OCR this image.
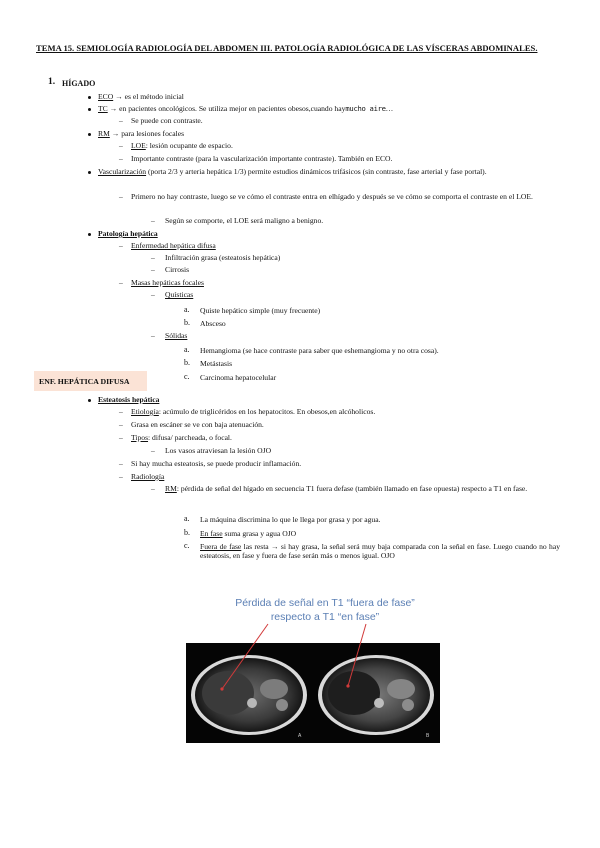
TEMA 15. SEMIOLOGÍA RADIOLOGÍA DEL ABDOMEN III. PATOLOGÍA RADIOLÓGICA DE LAS VÍSCERAS ABDOMINALES.
1. HÍGADO
ECO → es el método inicial
TC → en pacientes oncológicos. Se utiliza mejor en pacientes obesos,cuando haymucho aire…
– Se puede con contraste.
RM → para lesiones focales
– LOE: lesión ocupante de espacio.
– Importante contraste (para la vascularización importante contraste). También en ECO.
Vascularización (porta 2/3 y arteria hepática 1/3) permite estudios dinámicos trifásicos (sin contraste, fase arterial y fase portal).
– Primero no hay contraste, luego se ve cómo el contraste entra en elhígado y después se ve cómo se comporta el contraste en el LOE.
– Según se comporte, el LOE será maligno a benigno.
Patología hepática
– Enfermedad hepática difusa
– Infiltración grasa (esteatosis hepática)
– Cirrosis
– Masas hepáticas focales
– Quísticas
a. Quiste hepático simple (muy frecuente)
b. Absceso
– Sólidas
a. Hemangioma (se hace contraste para saber que eshemangioma y no otra cosa).
b. Metástasis
c. Carcinoma hepatocelular
ENF. HEPÁTICA DIFUSA
Esteatosis hepática
– Etiología: acúmulo de triglicéridos en los hepatocitos. En obesos,en alcóholicos.
– Grasa en escáner se ve con baja atenuación.
– Tipos: difusa/ parcheada, o focal.
– Los vasos atraviesan la lesión OJO
– Si hay mucha esteatosis, se puede producir inflamación.
– Radiología
– RM: pérdida de señal del hígado en secuencia T1 fuera defase (también llamado en fase opuesta) respecto a T1 en fase.
a. La máquina discrimina lo que le llega por grasa y por agua.
b. En fase suma grasa y agua OJO
c. Fuera de fase las resta → si hay grasa, la señal será muy baja comparada con la señal en fase. Luego cuando no hay esteatosis, en fase y fuera de fase serán más o menos igual. OJO
Pérdida de señal en T1 “fuera de fase”
respecto a T1 “en fase”
A	B
